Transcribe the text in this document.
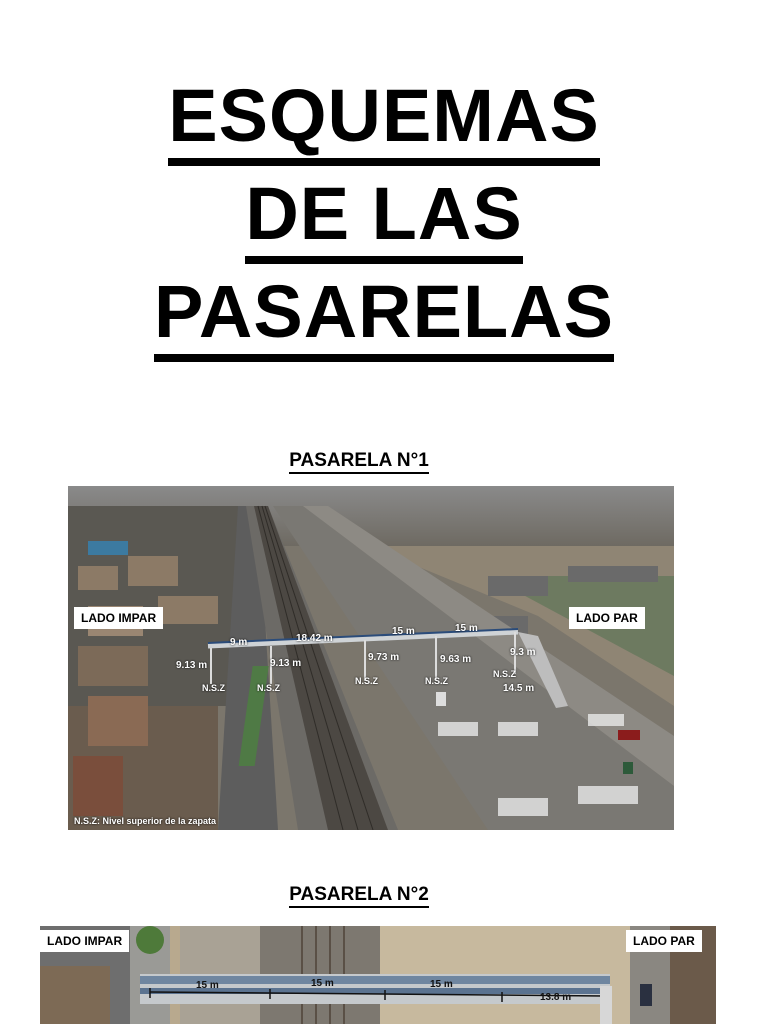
ESQUEMAS
DE LAS
PASARELAS
PASARELA N°1
LADO IMPAR	LADO PAR
9 m	18.42 m
15 m	15 m
9.13 m	9.13 m
9.73 m	9.63 m
9.3 m
14.5 m
N.S.Z	N.S.Z
N.S.Z	N.S.Z
N.S.Z
N.S.Z: Nivel superior de la zapata
PASARELA N°2
LADO IMPAR	LADO PAR
15 m	15 m	15 m
13.8 m
